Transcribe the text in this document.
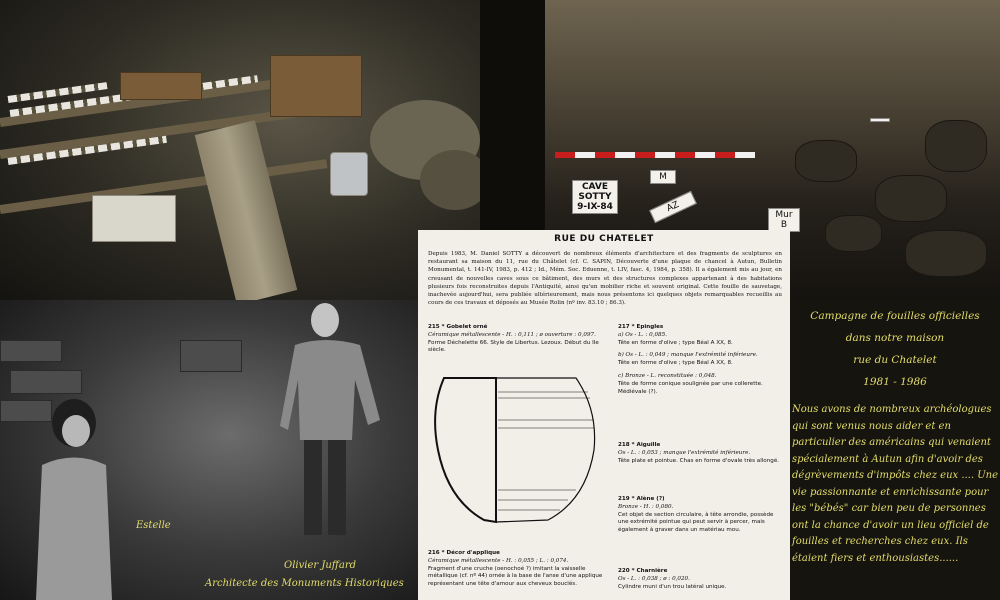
CAVE SOTTY
9-IX-84
M
AZ
Mur B
Estelle
Olivier Juffard
Architecte des Monuments Historiques
RUE DU CHATELET
Depuis 1983, M. Daniel SOTTY a découvert de nombreux éléments d'architecture et des fragments de sculptures en restaurant sa maison du 11, rue du Châtelet (cf. C. SAPIN, Découverte d'une plaque de chancel à Autun, Bulletin Monumental, t. 141-IV, 1983, p. 412 ; Id., Mém. Soc. Eduenne, t. LIV, fasc. 4, 1984, p. 358). Il a également mis au jour, en creusant de nouvelles caves sous ce bâtiment, des murs et des structures complexes appartenant à des habitations plusieurs fois reconstruites depuis l'Antiquité, ainsi qu'un mobilier riche et souvent original. Cette fouille de sauvetage, inachevée aujourd'hui, sera publiée ultérieurement, mais nous présentons ici quelques objets remarquables recueillis au cours de ces travaux et déposés au Musée Rolin (nº inv. 83.10 ; 86.3).
215 * Gobelet orné
Céramique métallescente - H. : 0,111 ; ø ouverture : 0,097.
Forme Déchelette 66. Style de Libertus. Lezoux. Début du IIe siècle.
217 * Epingles
a) Os - L. : 0,085.
Tête en forme d'olive ; type Béal A XX, 8.
b) Os - L. : 0,049 ; manque l'extrémité inférieure.
Tête en forme d'olive ; type Béal A XX, 8.
c) Bronze - L. reconstituée : 0,048.
Tête de forme conique soulignée par une collerette. Médiévale (?).
218 * Aiguille
Os - L. : 0,053 ; manque l'extrémité inférieure.
Tête plate et pointue. Chas en forme d'ovale très allongé.
219 * Alène (?)
Bronze - H. : 0,080.
Cet objet de section circulaire, à tête arrondie, possède une extrémité pointue qui peut servir à percer, mais également à graver dans un matériau mou.
216 * Décor d'applique
Céramique métallescente - H. : 0,055 ; L. : 0,074.
Fragment d'une cruche (oenochoé ?) imitant la vaisselle métallique (cf. nº 44) ornée à la base de l'anse d'une applique représentant une tête d'amour aux cheveux bouclés.
220 * Charnière
Os - L. : 0,038 ; ø : 0,020.
Cylindre muni d'un trou latéral unique.
Campagne de fouilles officielles
dans notre maison
rue du Chatelet
1981 - 1986
Nous avons de nombreux archéologues qui sont venus nous aider et en particulier des américains qui venaient spécialement à Autun afin d'avoir des dégrèvements d'impôts chez eux .... Une vie passionnante et enrichissante pour les "bébés" car bien peu de personnes ont la chance d'avoir un lieu officiel de fouilles et recherches chez eux. Ils étaient fiers et enthousiastes......
